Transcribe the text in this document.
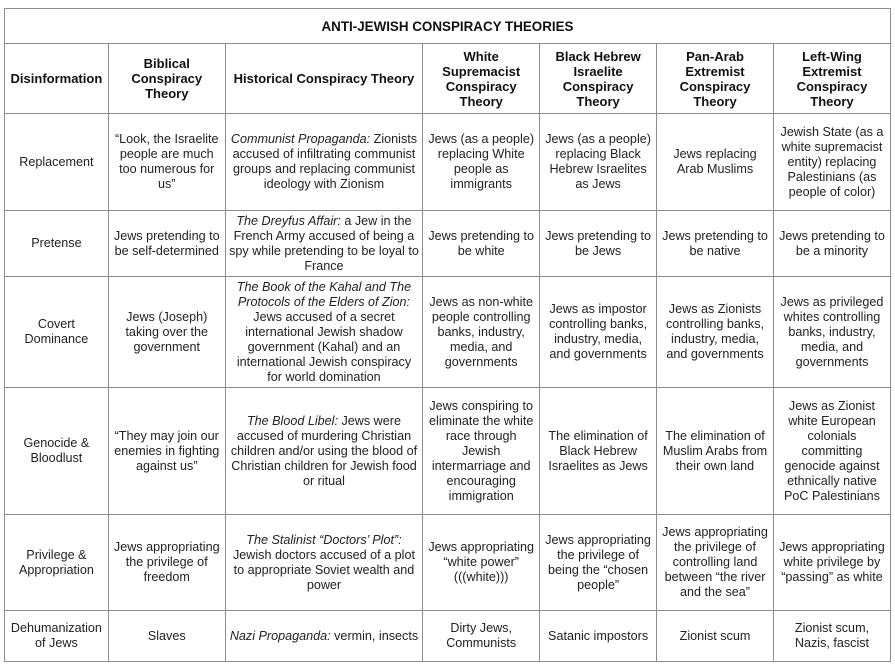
ANTI-JEWISH CONSPIRACY THEORIES						
Disinformation	Biblical Conspiracy Theory	Historical Conspiracy Theory	White Supremacist Conspiracy Theory	Black Hebrew Israelite Conspiracy Theory	Pan-Arab Extremist Conspiracy Theory	Left-Wing Extremist Conspiracy Theory
Replacement	“Look, the Israelite people are much too numerous for us”	Communist Propaganda: Zionists accused of infiltrating communist groups and replacing communist ideology with Zionism	Jews (as a people) replacing White people as immigrants	Jews (as a people) replacing Black Hebrew Israelites as Jews	Jews replacing Arab Muslims	Jewish State (as a white supremacist entity) replacing Palestinians (as people of color)
Pretense	Jews pretending to be self-determined	The Dreyfus Affair: a Jew in the French Army accused of being a spy while pretending to be loyal to France	Jews pretending to be white	Jews pretending to be Jews	Jews pretending to be native	Jews pretending to be a minority
Covert Dominance	Jews (Joseph) taking over the government	The Book of the Kahal and The Protocols of the Elders of Zion: Jews accused of a secret international Jewish shadow government (Kahal) and an international Jewish conspiracy for world domination	Jews as non-white people controlling banks, industry, media, and governments	Jews as impostor controlling banks, industry, media, and governments	Jews as Zionists controlling banks, industry, media, and governments	Jews as privileged whites controlling banks, industry, media, and governments
Genocide & Bloodlust	“They may join our enemies in fighting against us”	The Blood Libel: Jews were accused of murdering Christian children and/or using the blood of Christian children for Jewish food or ritual	Jews conspiring to eliminate the white race through Jewish intermarriage and encouraging immigration	The elimination of Black Hebrew Israelites as Jews	The elimination of Muslim Arabs from their own land	Jews as Zionist white European colonials committing genocide against ethnically native PoC Palestinians
Privilege & Appropriation	Jews appropriating the privilege of freedom	The Stalinist “Doctors’ Plot”: Jewish doctors accused of a plot to appropriate Soviet wealth and power	Jews appropriating “white power” (((white)))	Jews appropriating the privilege of being the “chosen people”	Jews appropriating the privilege of controlling land between “the river and the sea”	Jews appropriating white privilege by “passing” as white
Dehumanization of Jews	Slaves	Nazi Propaganda: vermin, insects	Dirty Jews, Communists	Satanic impostors	Zionist scum	Zionist scum, Nazis, fascist
